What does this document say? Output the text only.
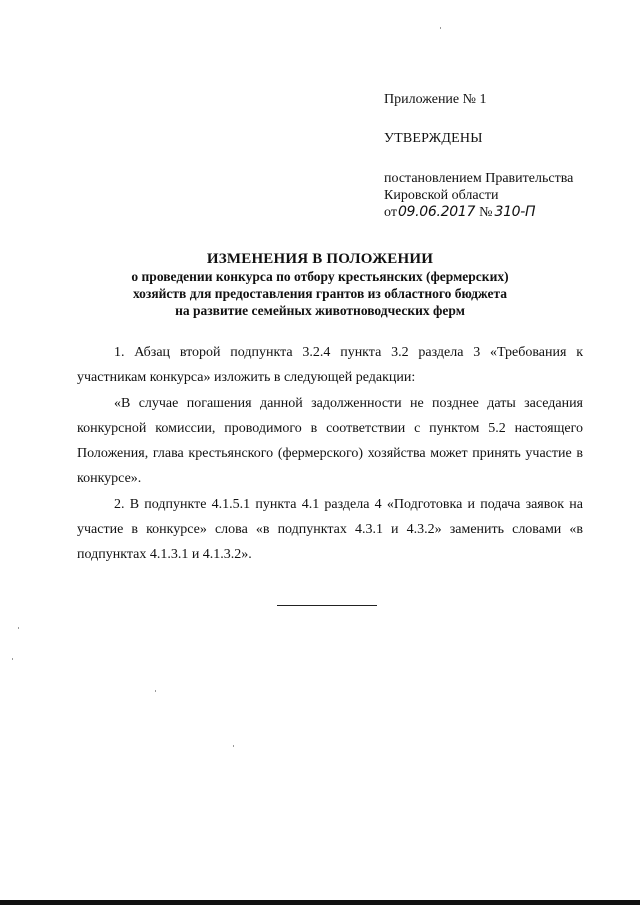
Приложение № 1
УТВЕРЖДЕНЫ
постановлением Правительства
Кировской области
от 09.06.2017 № 310-П
ИЗМЕНЕНИЯ В ПОЛОЖЕНИИ
о проведении конкурса по отбору крестьянских (фермерских)
хозяйств для предоставления грантов из областного бюджета
на развитие семейных животноводческих ферм

1. Абзац второй подпункта 3.2.4 пункта 3.2 раздела 3 «Требования к участникам конкурса» изложить в следующей редакции:

«В случае погашения данной задолженности не позднее даты заседания конкурсной комиссии, проводимого в соответствии с пунктом 5.2 настоящего Положения, глава крестьянского (фермерского) хозяйства может принять участие в конкурсе».

2. В подпункте 4.1.5.1 пункта 4.1 раздела 4 «Подготовка и подача заявок на участие в конкурсе» слова «в подпунктах 4.3.1 и 4.3.2» заменить словами «в подпунктах 4.1.3.1 и 4.1.3.2».
